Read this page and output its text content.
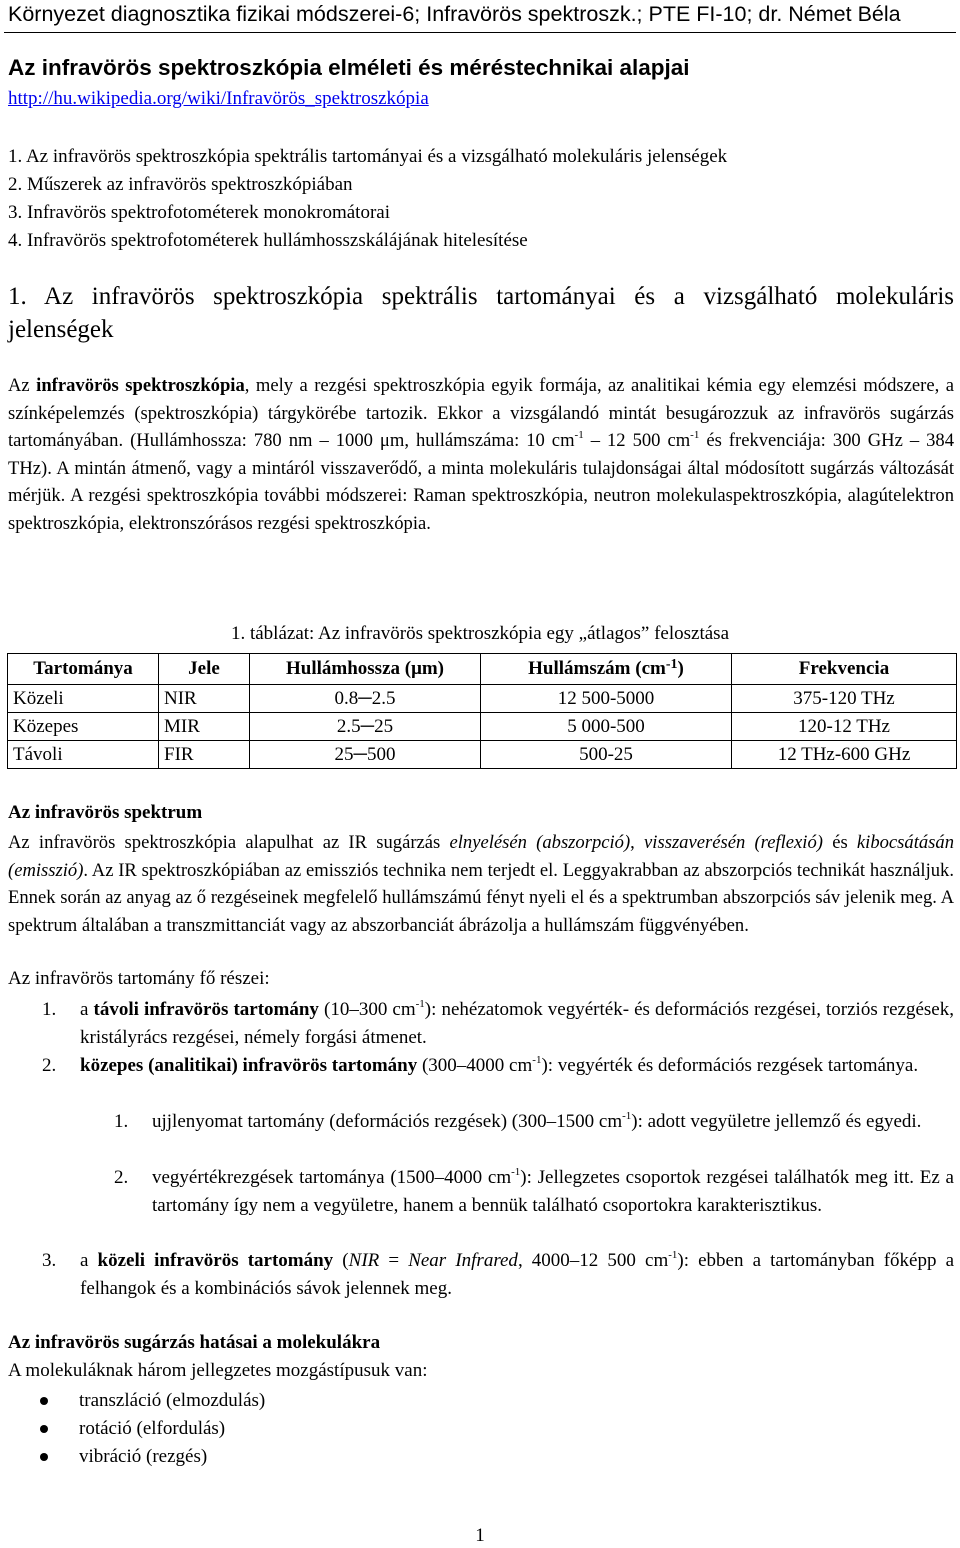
Környezet diagnosztika fizikai módszerei-6; Infravörös spektroszk.; PTE FI-10; dr. Német Béla
Az infravörös spektroszkópia elméleti és méréstechnikai alapjai
http://hu.wikipedia.org/wiki/Infravörös_spektroszkópia
1. Az infravörös spektroszkópia spektrális tartományai és a vizsgálható molekuláris jelenségek
2. Műszerek az infravörös spektroszkópiában
3. Infravörös spektrofotométerek monokromátorai
4. Infravörös spektrofotométerek hullámhosszskálájának hitelesítése
1. Az infravörös spektroszkópia spektrális tartományai és a vizsgálható molekuláris jelenségek
Az infravörös spektroszkópia, mely a rezgési spektroszkópia egyik formája, az analitikai kémia egy elemzési módszere, a színképelemzés (spektroszkópia) tárgykörébe tartozik. Ekkor a vizsgálandó mintát besugározzuk az infravörös sugárzás tartományában. (Hullámhossza: 780 nm – 1000 μm, hullámszáma: 10 $cm^{-1} - 12$ 500 $cm^{-1}$ és frekvenciája: 300 GHz – 384 THz). A mintán átmenő, vagy a mintáról visszaverődő, a minta molekuláris tulajdonságai által módosított sugárzás változását mérjük. A rezgési spektroszkópia további módszerei: Raman spektroszkópia, neutron molekulaspektroszkópia, alagútelektron spektroszkópia, elektronszórásos rezgési spektroszkópia.
1. táblázat: Az infravörös spektroszkópia egy „átlagos” felosztása
Tartománya	Jele	Hullámhossza (μm)	Hullámszám $(cm^{-1})$	Frekvencia
Közeli	NIR	0.8─2.5	12 500-5000	375-120 THz
Közepes	MIR	2.5─25	5 000-500	120-12 THz
Távoli	FIR	25─500	500-25	12 THz-600 GHz
Az infravörös spektrum
Az infravörös spektroszkópia alapulhat az IR sugárzás elnyelésén (abszorpció), visszaverésén (reflexió) és kibocsátásán (emisszió). Az IR spektroszkópiában az emissziós technika nem terjedt el. Leggyakrabban az abszorpciós technikát használjuk. Ennek során az anyag az ő rezgéseinek megfelelő hullámszámú fényt nyeli el és a spektrumban abszorpciós sáv jelenik meg. A spektrum általában a transzmittanciát vagy az abszorbanciát ábrázolja a hullámszám függvényében.
Az infravörös tartomány fő részei:
1. a távoli infravörös tartomány (10–300 $cm^{-1}$): nehézatomok vegyérték- és deformációs rezgései, torziós rezgések, kristályrács rezgései, némely forgási átmenet.
2. közepes (analitikai) infravörös tartomány (300–4000 $cm^{-1}$): vegyérték és deformációs rezgések tartománya.
1. ujjlenyomat tartomány (deformációs rezgések) (300–1500 $cm^{-1}$): adott vegyületre jellemző és egyedi.
2. vegyértékrezgések tartománya (1500–4000 $cm^{-1}$): Jellegzetes csoportok rezgései találhatók meg itt. Ez a tartomány így nem a vegyületre, hanem a bennük található csoportokra karakterisztikus.
3. a közeli infravörös tartomány (NIR = Near Infrared, 4000–12 500 $cm^{-1}$): ebben a tartományban főképp a felhangok és a kombinációs sávok jelennek meg.
Az infravörös sugárzás hatásai a molekulákra
A molekuláknak három jellegzetes mozgástípusuk van:
transzláció (elmozdulás)
rotáció (elfordulás)
vibráció (rezgés)
1
